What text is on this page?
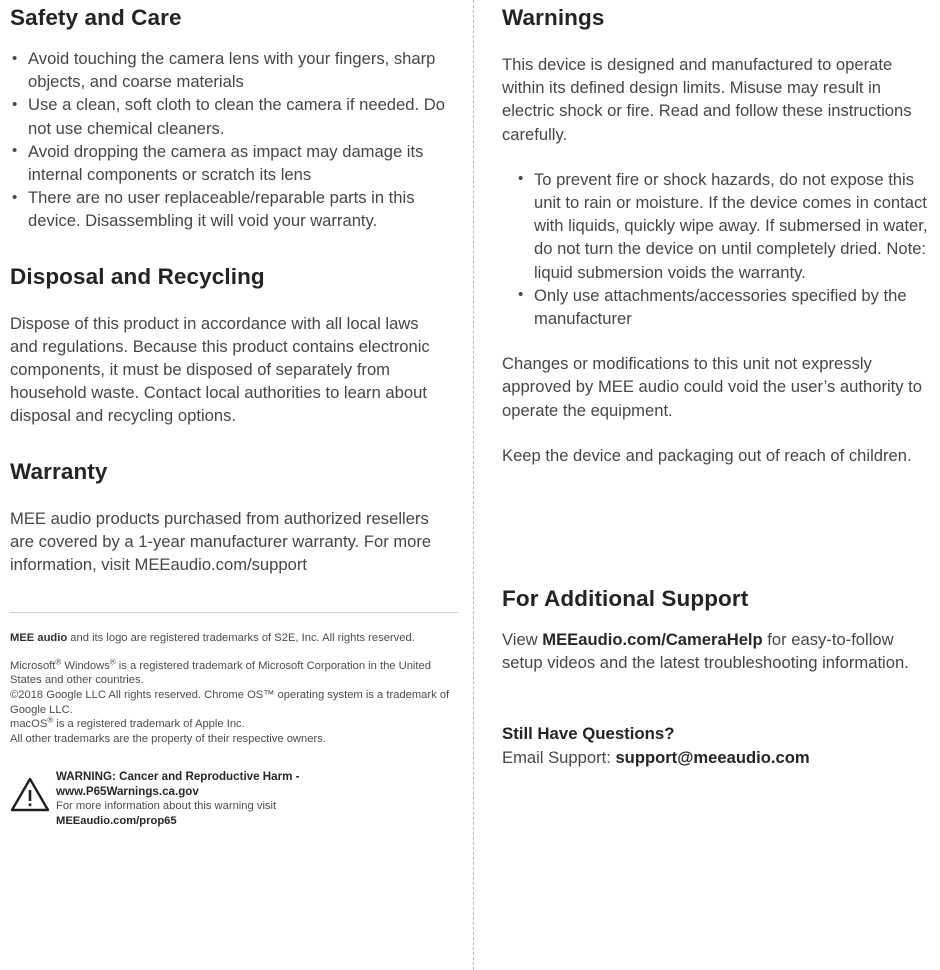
Safety and Care
• Avoid touching the camera lens with your fingers, sharp objects, and coarse materials
• Use a clean, soft cloth to clean the camera if needed. Do not use chemical cleaners.
• Avoid dropping the camera as impact may damage its internal components or scratch its lens
• There are no user replaceable/reparable parts in this device. Disassembling it will void your warranty.
Disposal and Recycling

Dispose of this product in accordance with all local laws and regulations. Because this product contains electronic components, it must be disposed of separately from household waste. Contact local authorities to learn about disposal and recycling options.

Warranty

MEE audio products purchased from authorized resellers are covered by a 1-year manufacturer warranty. For more information, visit MEEaudio.com/support

MEE audio and its logo are registered trademarks of S2E, Inc. All rights reserved.

Microsoft® Windows® is a registered trademark of Microsoft Corporation in the United States and other countries.

©2018 Google LLC All rights reserved. Chrome OS™ operating system is a trademark of Google LLC.

macOS® is a registered trademark of Apple Inc.

All other trademarks are the property of their respective owners.

WARNING: Cancer and Reproductive Harm -

www.P65Warnings.ca.gov

For more information about this warning visit

MEEaudio.com/prop65

Warnings

This device is designed and manufactured to operate within its defined design limits. Misuse may result in electric shock or fire. Read and follow these instructions carefully.

• To prevent fire or shock hazards, do not expose this unit to rain or moisture. If the device comes in contact with liquids, quickly wipe away. If submersed in water, do not turn the device on until completely dried. Note: liquid submersion voids the warranty.
• Only use attachments/accessories specified by the manufacturer

Changes or modifications to this unit not expressly approved by MEE audio could void the user’s authority to operate the equipment.

Keep the device and packaging out of reach of children.

For Additional Support

View MEEaudio.com/CameraHelp for easy-to-follow setup videos and the latest troubleshooting information.

Still Have Questions?

Email Support: support@meeaudio.com
